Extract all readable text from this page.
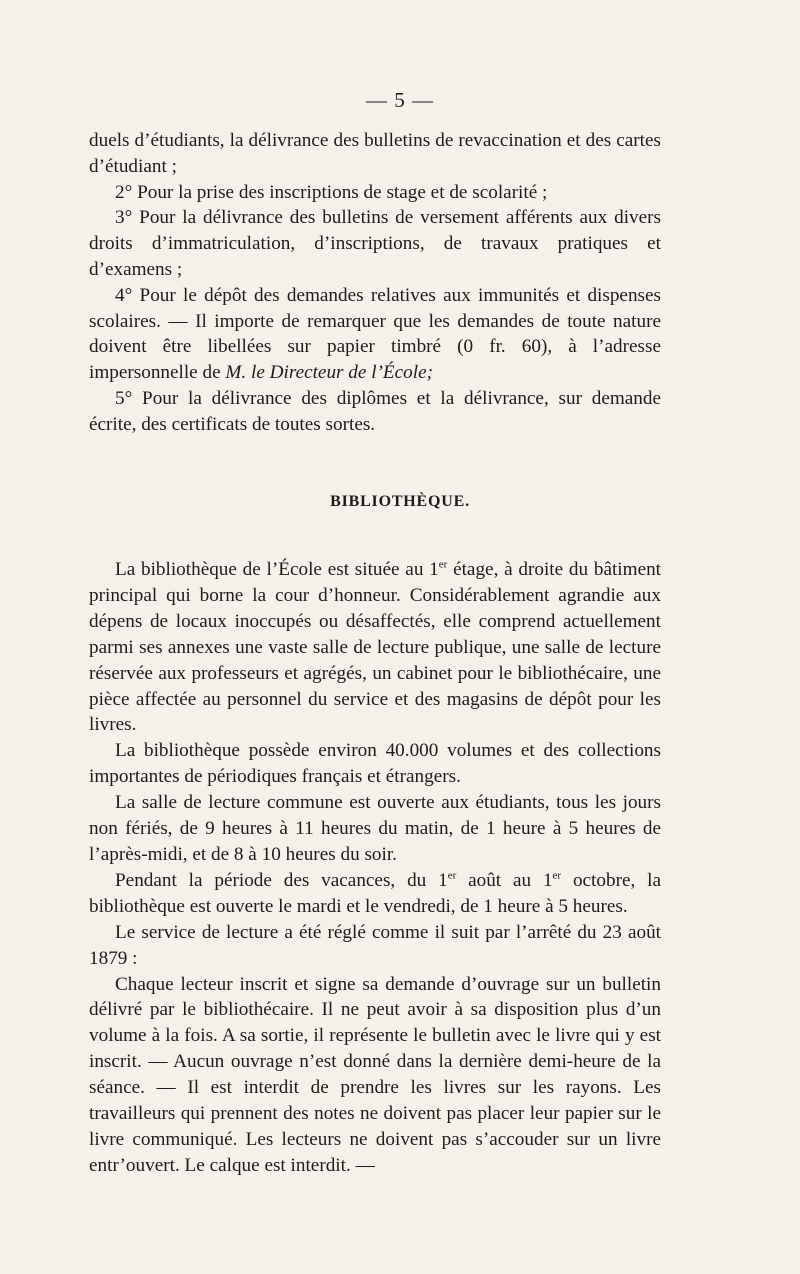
— 5 —

duels d’étudiants, la délivrance des bulletins de revaccination et des cartes d’étudiant ;

2° Pour la prise des inscriptions de stage et de scolarité ;

3° Pour la délivrance des bulletins de versement afférents aux divers droits d’immatriculation, d’inscriptions, de travaux pratiques et d’examens ;

4° Pour le dépôt des demandes relatives aux immunités et dispenses scolaires. — Il importe de remarquer que les demandes de toute nature doivent être libellées sur papier timbré (0 fr. 60), à l’adresse impersonnelle de M. le Directeur de l’École;

5° Pour la délivrance des diplômes et la délivrance, sur demande écrite, des certificats de toutes sortes.

BIBLIOTHÈQUE.

La bibliothèque de l’École est située au 1er étage, à droite du bâtiment principal qui borne la cour d’honneur. Considérablement agrandie aux dépens de locaux inoccupés ou désaffectés, elle comprend actuellement parmi ses annexes une vaste salle de lecture publique, une salle de lecture réservée aux professeurs et agrégés, un cabinet pour le bibliothécaire, une pièce affectée au personnel du service et des magasins de dépôt pour les livres.

La bibliothèque possède environ 40.000 volumes et des collections importantes de périodiques français et étrangers.

La salle de lecture commune est ouverte aux étudiants, tous les jours non fériés, de 9 heures à 11 heures du matin, de 1 heure à 5 heures de l’après-midi, et de 8 à 10 heures du soir.

Pendant la période des vacances, du 1er août au 1er octobre, la bibliothèque est ouverte le mardi et le vendredi, de 1 heure à 5 heures.

Le service de lecture a été réglé comme il suit par l’arrêté du 23 août 1879 :

Chaque lecteur inscrit et signe sa demande d’ouvrage sur un bulletin délivré par le bibliothécaire. Il ne peut avoir à sa disposition plus d’un volume à la fois. A sa sortie, il représente le bulletin avec le livre qui y est inscrit. — Aucun ouvrage n’est donné dans la dernière demi-heure de la séance. — Il est interdit de prendre les livres sur les rayons. Les travailleurs qui prennent des notes ne doivent pas placer leur papier sur le livre communiqué. Les lecteurs ne doivent pas s’accouder sur un livre entr’ouvert. Le calque est interdit. —
